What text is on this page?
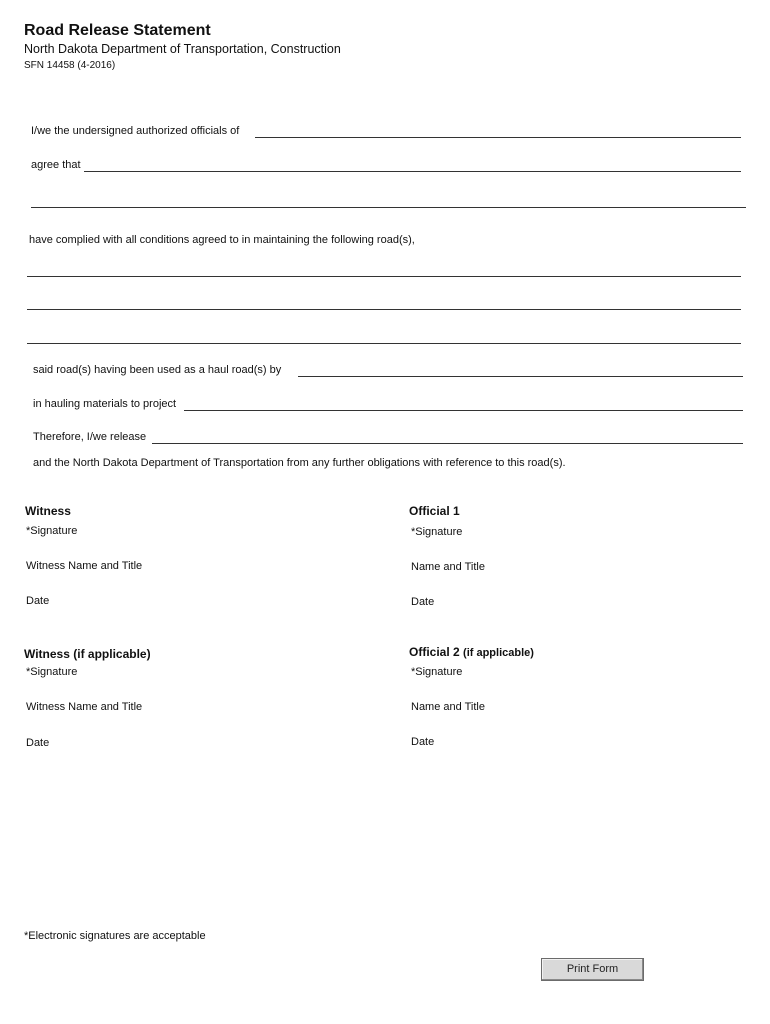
Road Release Statement
North Dakota Department of Transportation, Construction
SFN 14458 (4-2016)
I/we the undersigned authorized officials of
agree that
have complied with all conditions agreed to in maintaining the following road(s),
said road(s) having been used as a haul road(s) by
in hauling materials to project
Therefore, I/we release
and the North Dakota Department of Transportation from any further obligations with reference to this road(s).
Witness
*Signature
Witness Name and Title
Date
Official 1
*Signature
Name and Title
Date
Witness (if applicable)
*Signature
Witness Name and Title
Date
Official 2 (if applicable)
*Signature
Name and Title
Date
*Electronic signatures are acceptable
Print Form
